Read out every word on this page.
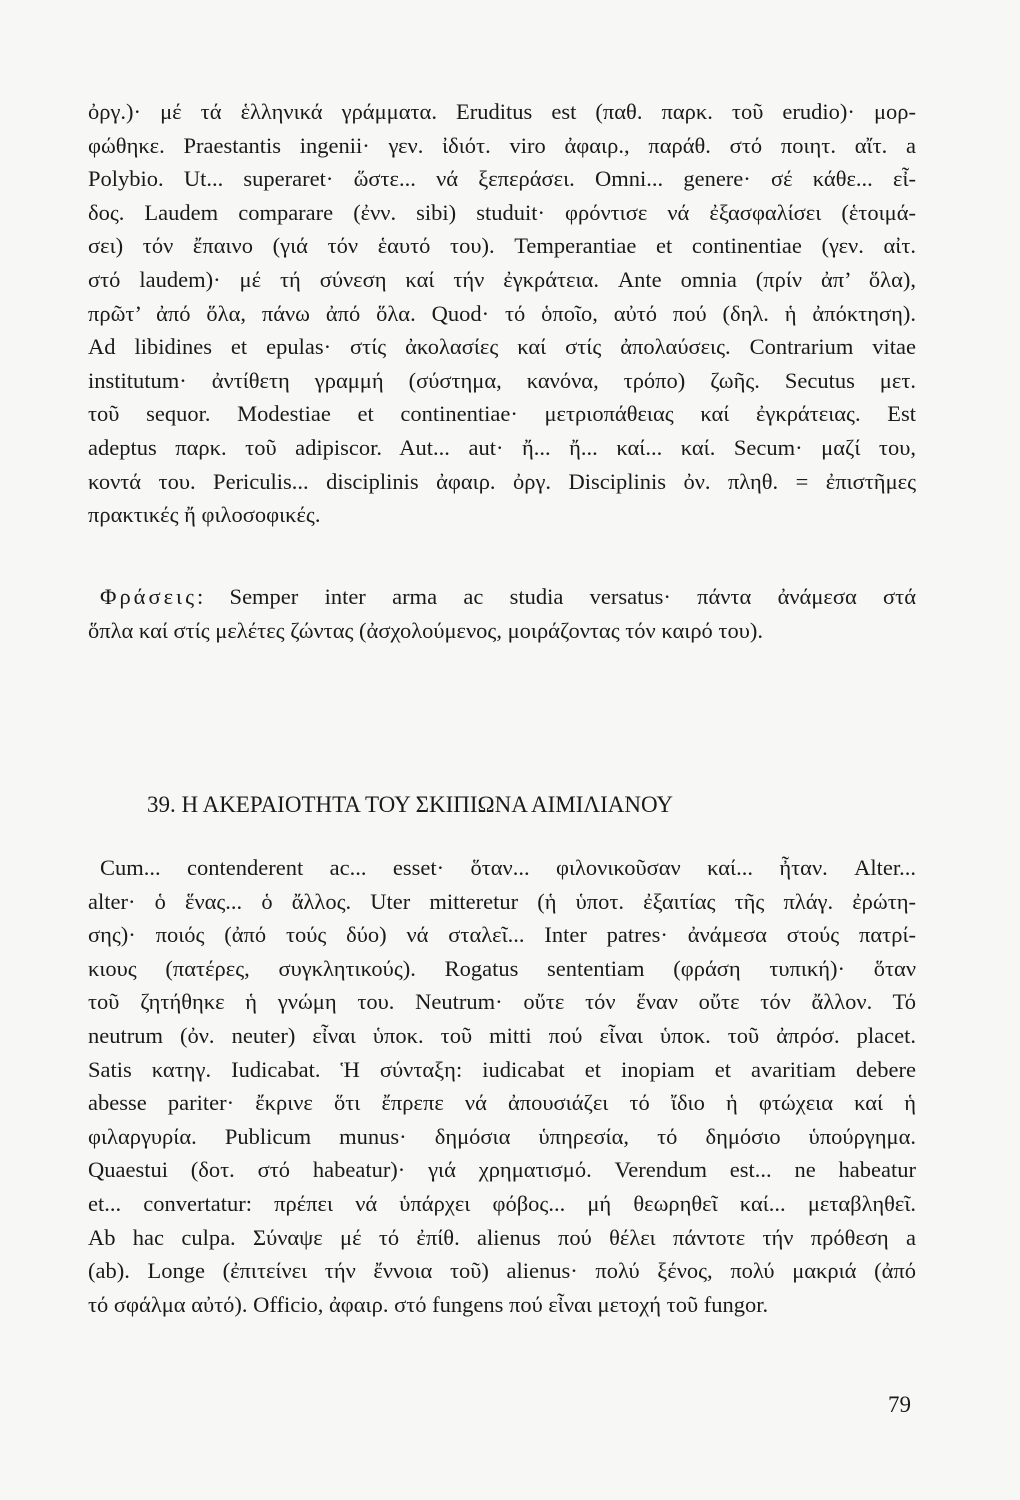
ὀργ.)· μέ τά ἑλληνικά γράμματα. Eruditus est (παθ. παρκ. τοῦ erudio)· μορ-
φώθηκε. Praestantis ingenii· γεν. ἰδιότ. viro ἀφαιρ., παράθ. στό ποιητ. αἴτ. a
Polybio. Ut... superaret· ὥστε... νά ξεπεράσει. Omni... genere· σέ κάθε... εἶ-
δος. Laudem comparare (ἐνν. sibi) studuit· φρόντισε νά ἐξασφαλίσει (ἑτοιμά-
σει) τόν ἔπαινο (γιά τόν ἑαυτό του). Temperantiae et continentiae (γεν. αἰτ.
στό laudem)· μέ τή σύνεση καί τήν ἐγκράτεια. Ante omnia (πρίν ἀπ’ ὅλα),
πρῶτ’ ἀπό ὅλα, πάνω ἀπό ὅλα. Quod· τό ὁποῖο, αὐτό πού (δηλ. ἡ ἀπόκτηση).
Ad libidines et epulas· στίς ἀκολασίες καί στίς ἀπολαύσεις. Contrarium vitae
institutum· ἀντίθετη γραμμή (σύστημα, κανόνα, τρόπο) ζωῆς. Secutus μετ.
τοῦ sequor. Modestiae et continentiae· μετριοπάθειας καί ἐγκράτειας. Est
adeptus παρκ. τοῦ adipiscor. Aut... aut· ἤ... ἤ... καί... καί. Secum· μαζί του,
κοντά του. Periculis... disciplinis ἀφαιρ. ὀργ. Disciplinis ὀν. πληθ. = ἐπιστῆμες
πρακτικές ἤ φιλοσοφικές.
Φράσεις: Semper inter arma ac studia versatus· πάντα ἀνάμεσα στά
ὅπλα καί στίς μελέτες ζώντας (ἀσχολούμενος, μοιράζοντας τόν καιρό του).
39. Η ΑΚΕΡΑΙΟΤΗΤΑ ΤΟΥ ΣΚΙΠΙΩΝΑ ΑΙΜΙΛΙΑΝΟΥ
Cum... contenderent ac... esset· ὅταν... φιλονικοῦσαν καί... ἦταν. Alter...
alter· ὁ ἕνας... ὁ ἄλλος. Uter mitteretur (ἡ ὑποτ. ἐξαιτίας τῆς πλάγ. ἐρώτη-
σης)· ποιός (ἀπό τούς δύο) νά σταλεῖ... Inter patres· ἀνάμεσα στούς πατρί-
κιους (πατέρες, συγκλητικούς). Rogatus sententiam (φράση τυπική)· ὅταν
τοῦ ζητήθηκε ἡ γνώμη του. Neutrum· οὔτε τόν ἕναν οὔτε τόν ἄλλον. Τό
neutrum (ὀν. neuter) εἶναι ὑποκ. τοῦ mitti πού εἶναι ὑποκ. τοῦ ἀπρόσ. placet.
Satis κατηγ. Iudicabat. Ἡ σύνταξη: iudicabat et inopiam et avaritiam debere
abesse pariter· ἔκρινε ὅτι ἔπρεπε νά ἀπουσιάζει τό ἴδιο ἡ φτώχεια καί ἡ
φιλαργυρία. Publicum munus· δημόσια ὑπηρεσία, τό δημόσιο ὑπούργημα.
Quaestui (δοτ. στό habeatur)· γιά χρηματισμό. Verendum est... ne habeatur
et... convertatur: πρέπει νά ὑπάρχει φόβος... μή θεωρηθεῖ καί... μεταβληθεῖ.
Ab hac culpa. Σύναψε μέ τό ἐπίθ. alienus πού θέλει πάντοτε τήν πρόθεση a
(ab). Longe (ἐπιτείνει τήν ἔννοια τοῦ) alienus· πολύ ξένος, πολύ μακριά (ἀπό
τό σφάλμα αὐτό). Officio, ἀφαιρ. στό fungens πού εἶναι μετοχή τοῦ fungor.
79
